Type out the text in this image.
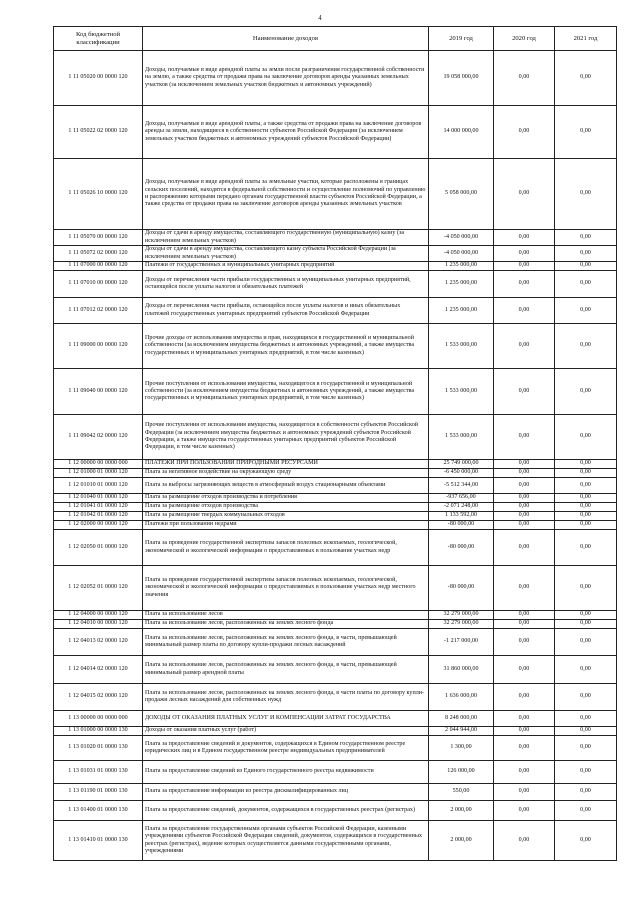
4
Код бюджетной классификации	Наименование доходов	2019 год	2020 год	2021 год
1 11 05020 00 0000 120	Доходы, получаемые в виде арендной платы за земли после разграничения государственной собственности на землю, а также средства от продажи права на заключение договоров аренды указанных земельных участков (за исключением земельных участков бюджетных и автономных учреждений)	19 058 000,00	0,00	0,00
1 11 05022 02 0000 120	Доходы, получаемые в виде арендной платы, а также средства от продажи права на заключение договоров аренды за земли, находящиеся в собственности субъектов Российской Федерации (за исключением земельных участков бюджетных и автономных учреждений субъектов Российской Федерации)	14 000 000,00	0,00	0,00
1 11 05026 10 0000 120	Доходы, получаемые в виде арендной платы за земельные участки, которые расположены в границах сельских поселений, находятся в федеральной собственности и осуществление полномочий по управлению и распоряжению которыми передано органам государственной власти субъектов Российской Федерации, а также средства от продажи права на заключение договоров аренды указанных земельных участков	5 058 000,00	0,00	0,00
1 11 05070 00 0000 120	Доходы от сдачи в аренду имущества, составляющего государственную (муниципальную) казну (за исключением земельных участков)	-4 050 000,00	0,00	0,00
1 11 05072 02 0000 120	Доходы от сдачи в аренду имущества, составляющего казну субъекта Российской Федерации (за исключением земельных участков)	-4 050 000,00	0,00	0,00
1 11 07000 00 0000 120	Платежи от государственных и муниципальных унитарных предприятий	1 235 000,00	0,00	0,00
1 11 07010 00 0000 120	Доходы от перечисления части прибыли государственных и муниципальных унитарных предприятий, остающейся после уплаты налогов и обязательных платежей	1 235 000,00	0,00	0,00
1 11 07012 02 0000 120	Доходы от перечисления части прибыли, остающейся после уплаты налогов и иных обязательных платежей государственных унитарных предприятий субъектов Российской Федерации	1 235 000,00	0,00	0,00
1 11 09000 00 0000 120	Прочие доходы от использования имущества и прав, находящихся в государственной и муниципальной собственности (за исключением имущества бюджетных и автономных учреждений, а также имущества государственных и муниципальных унитарных предприятий, в том числе казенных)	1 533 000,00	0,00	0,00
1 11 09040 00 0000 120	Прочие поступления от использования имущества, находящегося в государственной и муниципальной собственности (за исключением имущества бюджетных и автономных учреждений, а также имущества государственных и муниципальных унитарных предприятий, в том числе казенных)	1 533 000,00	0,00	0,00
1 11 09042 02 0000 120	Прочие поступления от использования имущества, находящегося в собственности субъектов Российской Федерации (за исключением имущества бюджетных и автономных учреждений субъектов Российской Федерации, а также имущества государственных унитарных предприятий субъектов Российской Федерации, в том числе казенных)	1 533 000,00	0,00	0,00
1 12 00000 00 0000 000	ПЛАТЕЖИ ПРИ ПОЛЬЗОВАНИИ ПРИРОДНЫМИ РЕСУРСАМИ	25 749 000,00	0,00	0,00
1 12 01000 01 0000 120	Плата за негативное воздействие на окружающую среду	-6 450 000,00	0,00	0,00
1 12 01010 01 0000 120	Плата за выбросы загрязняющих веществ в атмосферный воздух стационарными объектами	-5 512 344,00	0,00	0,00
1 12 01040 01 0000 120	Плата за размещение отходов производства и потребления	-937 656,00	0,00	0,00
1 12 01041 01 0000 120	Плата за размещение отходов производства	-2 071 248,00	0,00	0,00
1 12 01042 01 0000 120	Плата за размещение твердых коммунальных отходов	1 133 592,00	0,00	0,00
1 12 02000 00 0000 120	Платежи при пользовании недрами	-80 000,00	0,00	0,00
1 12 02050 01 0000 120	Плата за проведение государственной экспертизы запасов полезных ископаемых, геологической, экономической и экологической информации о предоставляемых в пользование участках недр	-80 000,00	0,00	0,00
1 12 02052 01 0000 120	Плата за проведение государственной экспертизы запасов полезных ископаемых, геологической, экономической и экологической информации о предоставляемых в пользование участках недр местного значения	-80 000,00	0,00	0,00
1 12 04000 00 0000 120	Плата за использование лесов	32 279 000,00	0,00	0,00
1 12 04010 00 0000 120	Плата за использование лесов, расположенных на землях лесного фонда	32 279 000,00	0,00	0,00
1 12 04013 02 0000 120	Плата за использование лесов, расположенных на землях лесного фонда, в части, превышающей минимальный размер платы по договору купли-продажи лесных насаждений	-1 217 000,00	0,00	0,00
1 12 04014 02 0000 120	Плата за использование лесов, расположенных на землях лесного фонда, в части, превышающей минимальный размер арендной платы	31 860 000,00	0,00	0,00
1 12 04015 02 0000 120	Плата за использование лесов, расположенных на землях лесного фонда, в части платы по договору купли-продажи лесных насаждений для собственных нужд	1 636 000,00	0,00	0,00
1 13 00000 00 0000 000	ДОХОДЫ ОТ ОКАЗАНИЯ ПЛАТНЫХ УСЛУГ И КОМПЕНСАЦИИ ЗАТРАТ ГОСУДАРСТВА	8 248 000,00	0,00	0,00
1 13 01000 00 0000 130	Доходы от оказания платных услуг (работ)	2 044 944,00	0,00	0,00
1 13 01020 01 0000 130	Плата за предоставление сведений и документов, содержащихся в Едином государственном реестре юридических лиц и в Едином государственном реестре индивидуальных предпринимателей	1 300,00	0,00	0,00
1 13 01031 01 0000 130	Плата за предоставление сведений из Единого государственного реестра недвижимости	126 000,00	0,00	0,00
1 13 01190 01 0000 130	Плата за предоставление информации из реестра дисквалифицированных лиц	550,00	0,00	0,00
1 13 01400 01 0000 130	Плата за предоставление сведений, документов, содержащихся в государственных реестрах (регистрах)	2 000,00	0,00	0,00
1 13 01410 01 0000 130	Плата за предоставление государственными органами субъектов Российской Федерации, казенными учреждениями субъектов Российской Федерации сведений, документов, содержащихся в государственных реестрах (регистрах), ведение которых осуществляется данными государственными органами, учреждениями	2 000,00	0,00	0,00
